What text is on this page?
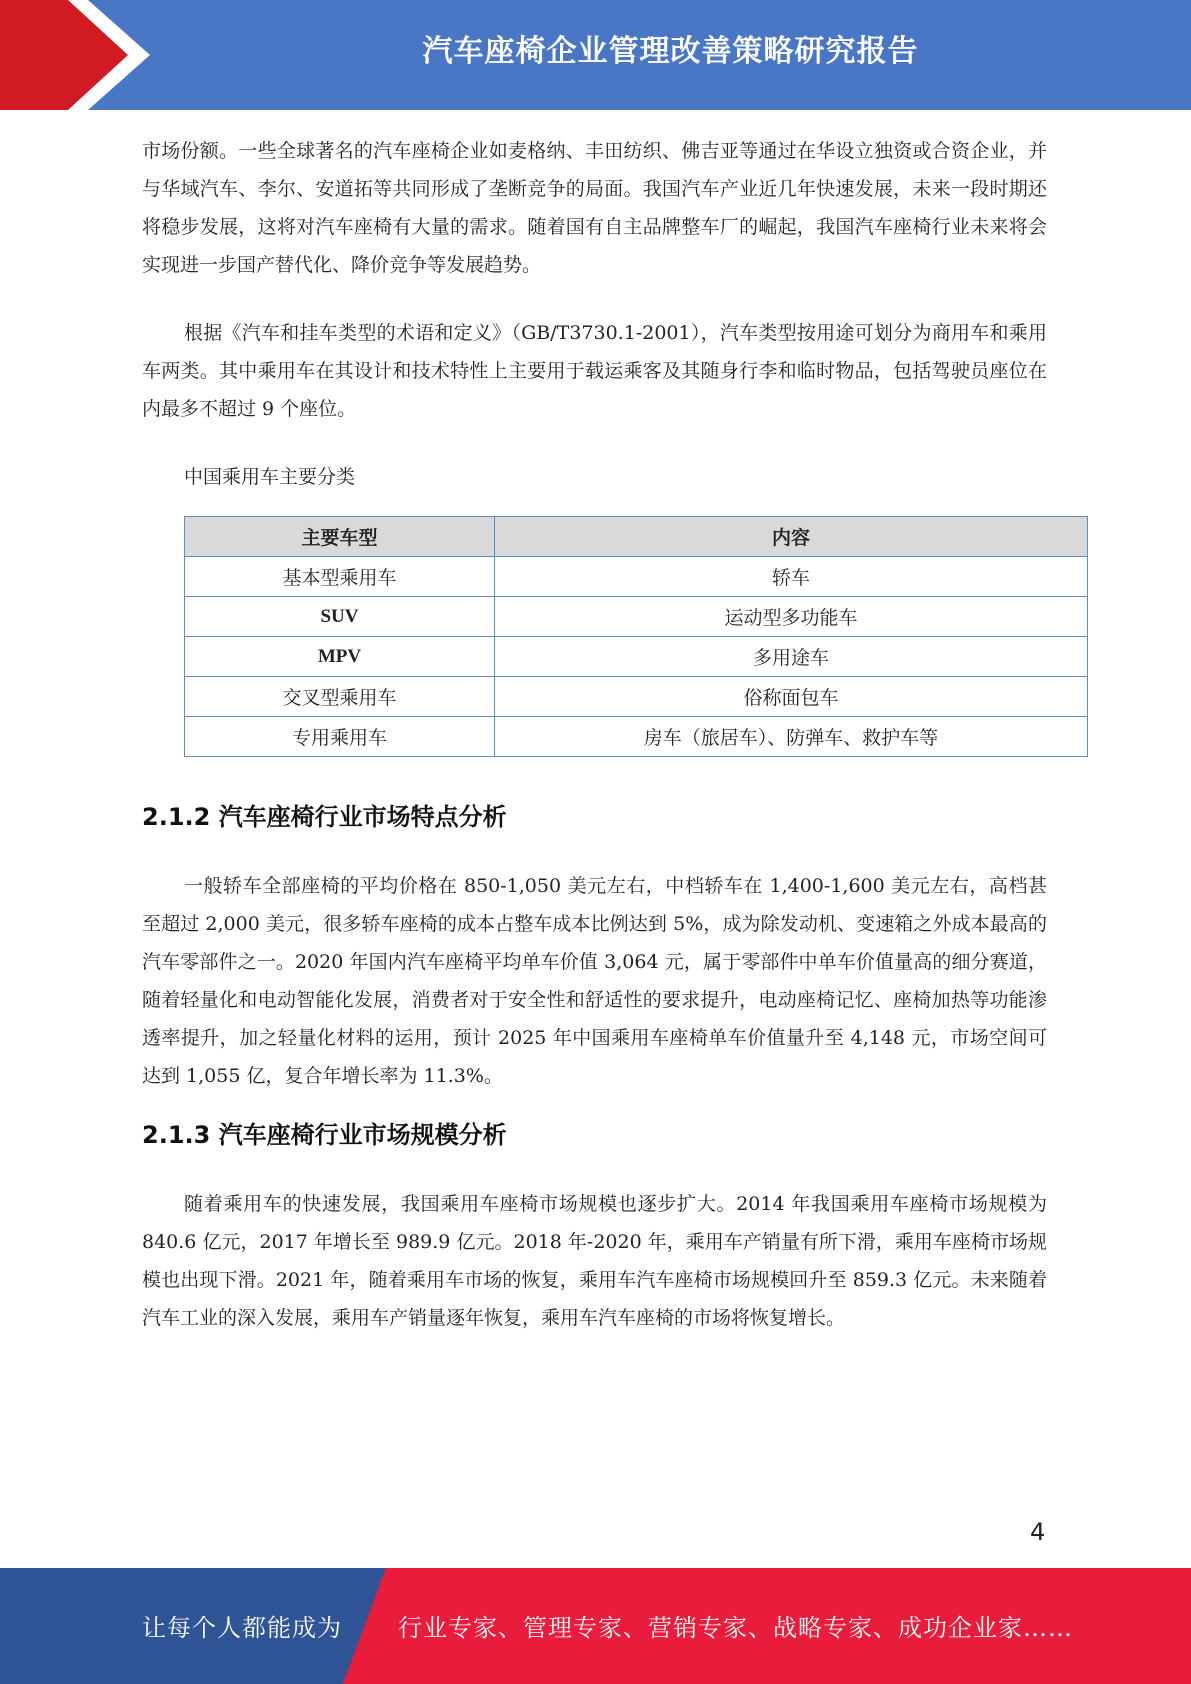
汽车座椅企业管理改善策略研究报告

市场份额。一些全球著名的汽车座椅企业如麦格纳、丰田纺织、佛吉亚等通过在华设立独资或合资企业，并与华域汽车、李尔、安道拓等共同形成了垄断竞争的局面。我国汽车产业近几年快速发展，未来一段时期还将稳步发展，这将对汽车座椅有大量的需求。随着国有自主品牌整车厂的崛起，我国汽车座椅行业未来将会实现进一步国产替代化、降价竞争等发展趋势。

根据《汽车和挂车类型的术语和定义》（GB/T3730.1-2001），汽车类型按用途可划分为商用车和乘用车两类。其中乘用车在其设计和技术特性上主要用于载运乘客及其随身行李和临时物品，包括驾驶员座位在内最多不超过 9 个座位。

中国乘用车主要分类

主要车型	内容
基本型乘用车	轿车
SUV	运动型多功能车
MPV	多用途车
交叉型乘用车	俗称面包车
专用乘用车	房车（旅居车）、防弹车、救护车等
2.1.2 汽车座椅行业市场特点分析

一般轿车全部座椅的平均价格在 850-1,050 美元左右，中档轿车在 1,400-1,600 美元左右，高档甚至超过 2,000 美元，很多轿车座椅的成本占整车成本比例达到 5%，成为除发动机、变速箱之外成本最高的汽车零部件之一。2020 年国内汽车座椅平均单车价值 3,064 元，属于零部件中单车价值量高的细分赛道，随着轻量化和电动智能化发展，消费者对于安全性和舒适性的要求提升，电动座椅记忆、座椅加热等功能渗透率提升，加之轻量化材料的运用，预计 2025 年中国乘用车座椅单车价值量升至 4,148 元，市场空间可达到 1,055 亿，复合年增长率为 11.3%。

2.1.3 汽车座椅行业市场规模分析

随着乘用车的快速发展，我国乘用车座椅市场规模也逐步扩大。2014 年我国乘用车座椅市场规模为 840.6 亿元，2017 年增长至 989.9 亿元。2018 年-2020 年，乘用车产销量有所下滑，乘用车座椅市场规模也出现下滑。2021 年，随着乘用车市场的恢复，乘用车汽车座椅市场规模回升至 859.3 亿元。未来随着汽车工业的深入发展，乘用车产销量逐年恢复，乘用车汽车座椅的市场将恢复增长。

4
让每个人都能成为 行业专家、管理专家、营销专家、战略专家、成功企业家……
